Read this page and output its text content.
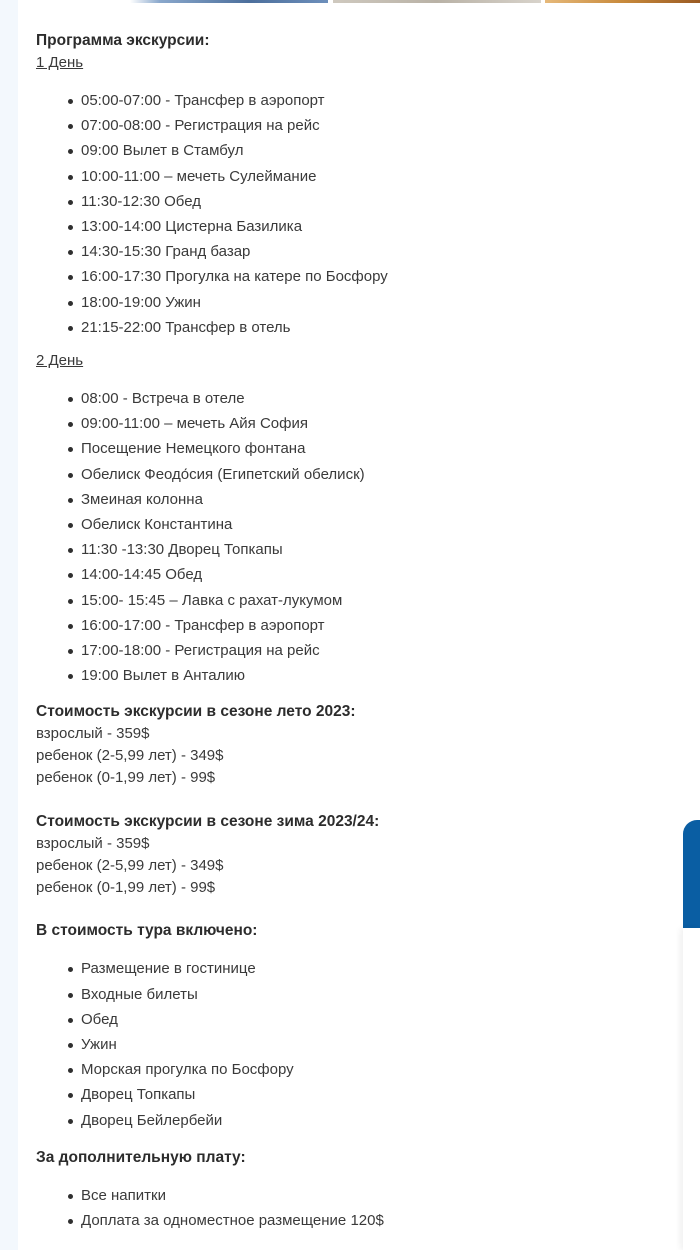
Программа экскурсии:

1 День
05:00-07:00 - Трансфер в аэропорт
07:00-08:00 - Регистрация на рейс
09:00 Вылет в Стамбул
10:00-11:00 – мечеть Сулеймание
11:30-12:30 Обед
13:00-14:00 Цистерна Базилика
14:30-15:30 Гранд базар
16:00-17:30 Прогулка на катере по Босфору
18:00-19:00 Ужин
21:15-22:00 Трансфер в отель
2 День
08:00 - Встреча в отеле
09:00-11:00 – мечеть Айя София
Посещение Немецкого фонтана
Обелиск Феодо́сия (Египетский обелиск)
Змеиная колонна
Обелиск Константина
11:30 -13:30 Дворец Топкапы
14:00-14:45 Обед
15:00- 15:45 – Лавка с рахат-лукумом
16:00-17:00 - Трансфер в аэропорт
17:00-18:00 - Регистрация на рейс
19:00 Вылет в Анталию

Стоимость экскурсии в сезоне лето 2023:

взрослый - 359$
ребенок (2-5,99 лет) - 349$
ребенок (0-1,99 лет) - 99$

Стоимость экскурсии в сезоне зима 2023/24:

взрослый - 359$
ребенок (2-5,99 лет) - 349$
ребенок (0-1,99 лет) - 99$

В стоимость тура включено:

Размещение в гостинице
Входные билеты
Обед
Ужин
Морская прогулка по Босфору
Дворец Топкапы
Дворец Бейлербейи

За дополнительную плату:

Все напитки
Доплата за одноместное размещение 120$
